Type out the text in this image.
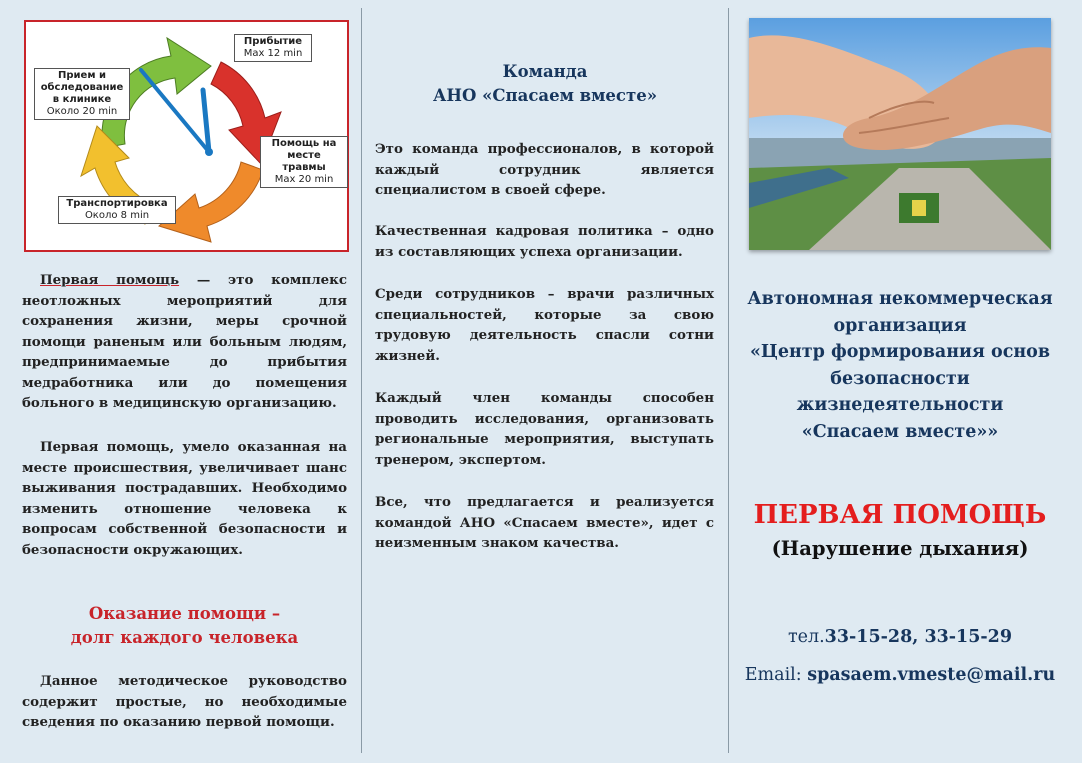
Прибытие
Max 12 min
Помощь на месте травмы
Max 20 min
Транспортировка
Около 8 min
Прием и обследование в клинике
Около 20 min
Первая помощь — это комплекс неотложных мероприятий для сохранения жизни, меры срочной помощи раненым или больным людям, предпринимаемые до прибытия медработника или до помещения больного в медицинскую организацию.
Первая помощь, умело оказанная на месте происшествия, увеличивает шанс выживания пострадавших. Необходимо изменить отношение человека к вопросам собственной безопасности и безопасности окружающих.
Оказание помощи –
долг каждого человека
Данное методическое руководство содержит простые, но необходимые сведения по оказанию первой помощи.
Команда
АНО «Спасаем вместе»
Это команда профессионалов, в которой каждый сотрудник является специалистом в своей сфере.
Качественная кадровая политика – одно из составляющих успеха организации.
Среди сотрудников – врачи различных специальностей, которые за свою трудовую деятельность спасли сотни жизней.
Каждый член команды способен проводить исследования, организовать региональные мероприятия, выступать тренером, экспертом.
Все, что предлагается и реализуется командой АНО «Спасаем вместе», идет с неизменным знаком качества.
Автономная некоммерческая
организация
«Центр формирования основ
безопасности
жизнедеятельности
«Спасаем вместе»»
ПЕРВАЯ ПОМОЩЬ
(Нарушение дыхания)
тел.33-15-28, 33-15-29
Email: spasaem.vmeste@mail.ru
